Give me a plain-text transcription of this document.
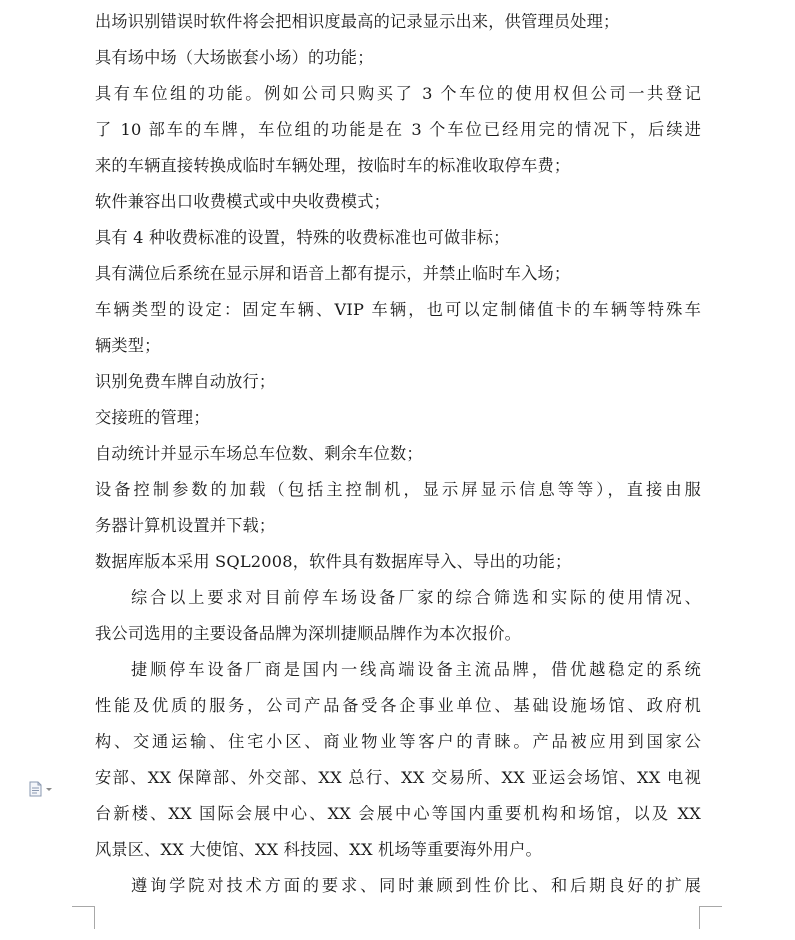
出场识别错误时软件将会把相识度最高的记录显示出来，供管理员处理；
具有场中场（大场嵌套小场）的功能；
具有车位组的功能。例如公司只购买了 3 个车位的使用权但公司一共登记
了 10 部车的车牌，车位组的功能是在 3 个车位已经用完的情况下，后续进
来的车辆直接转换成临时车辆处理，按临时车的标准收取停车费；
软件兼容出口收费模式或中央收费模式；
具有 4 种收费标准的设置，特殊的收费标准也可做非标；
具有满位后系统在显示屏和语音上都有提示，并禁止临时车入场；
车辆类型的设定：固定车辆、VIP 车辆，也可以定制储值卡的车辆等特殊车
辆类型；
识别免费车牌自动放行；
交接班的管理；
自动统计并显示车场总车位数、剩余车位数；
设备控制参数的加载（包括主控制机，显示屏显示信息等等），直接由服
务器计算机设置并下载；
数据库版本采用 SQL2008，软件具有数据库导入、导出的功能；
综合以上要求对目前停车场设备厂家的综合筛选和实际的使用情况、
我公司选用的主要设备品牌为深圳捷顺品牌作为本次报价。
捷顺停车设备厂商是国内一线高端设备主流品牌，借优越稳定的系统
性能及优质的服务，公司产品备受各企事业单位、基础设施场馆、政府机
构、交通运输、住宅小区、商业物业等客户的青睐。产品被应用到国家公
安部、XX 保障部、外交部、XX 总行、XX 交易所、XX 亚运会场馆、XX 电视
台新楼、XX 国际会展中心、XX 会展中心等国内重要机构和场馆，以及 XX
风景区、XX 大使馆、XX 科技园、XX 机场等重要海外用户。
遵询学院对技术方面的要求、同时兼顾到性价比、和后期良好的扩展
